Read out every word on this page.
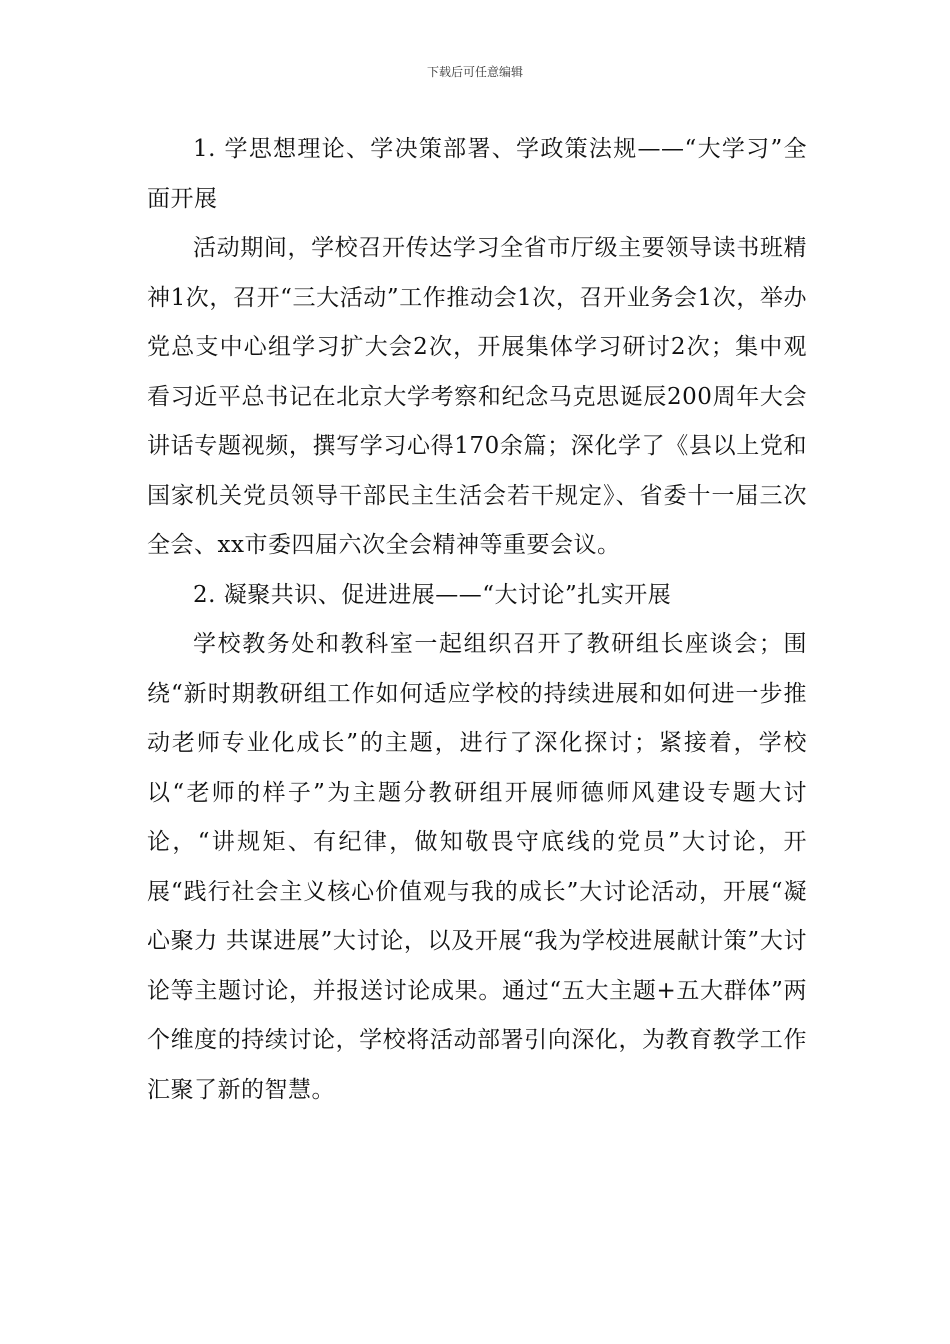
下载后可任意编辑

1. 学思想理论、学决策部署、学政策法规——“大学习”全面开展

活动期间，学校召开传达学习全省市厅级主要领导读书班精神1次，召开“三大活动”工作推动会1次，召开业务会1次，举办党总支中心组学习扩大会2次，开展集体学习研讨2次；集中观看习近平总书记在北京大学考察和纪念马克思诞辰200周年大会讲话专题视频，撰写学习心得170余篇；深化学了《县以上党和国家机关党员领导干部民主生活会若干规定》、省委十一届三次全会、xx市委四届六次全会精神等重要会议。

2. 凝聚共识、促进进展——“大讨论”扎实开展

学校教务处和教科室一起组织召开了教研组长座谈会；围绕“新时期教研组工作如何适应学校的持续进展和如何进一步推动老师专业化成长”的主题，进行了深化探讨；紧接着，学校以“老师的样子”为主题分教研组开展师德师风建设专题大讨论，“讲规矩、有纪律，做知敬畏守底线的党员”大讨论，开展“践行社会主义核心价值观与我的成长”大讨论活动，开展“凝心聚力 共谋进展”大讨论，以及开展“我为学校进展献计策”大讨论等主题讨论，并报送讨论成果。通过“五大主题+五大群体”两个维度的持续讨论，学校将活动部署引向深化，为教育教学工作汇聚了新的智慧。
